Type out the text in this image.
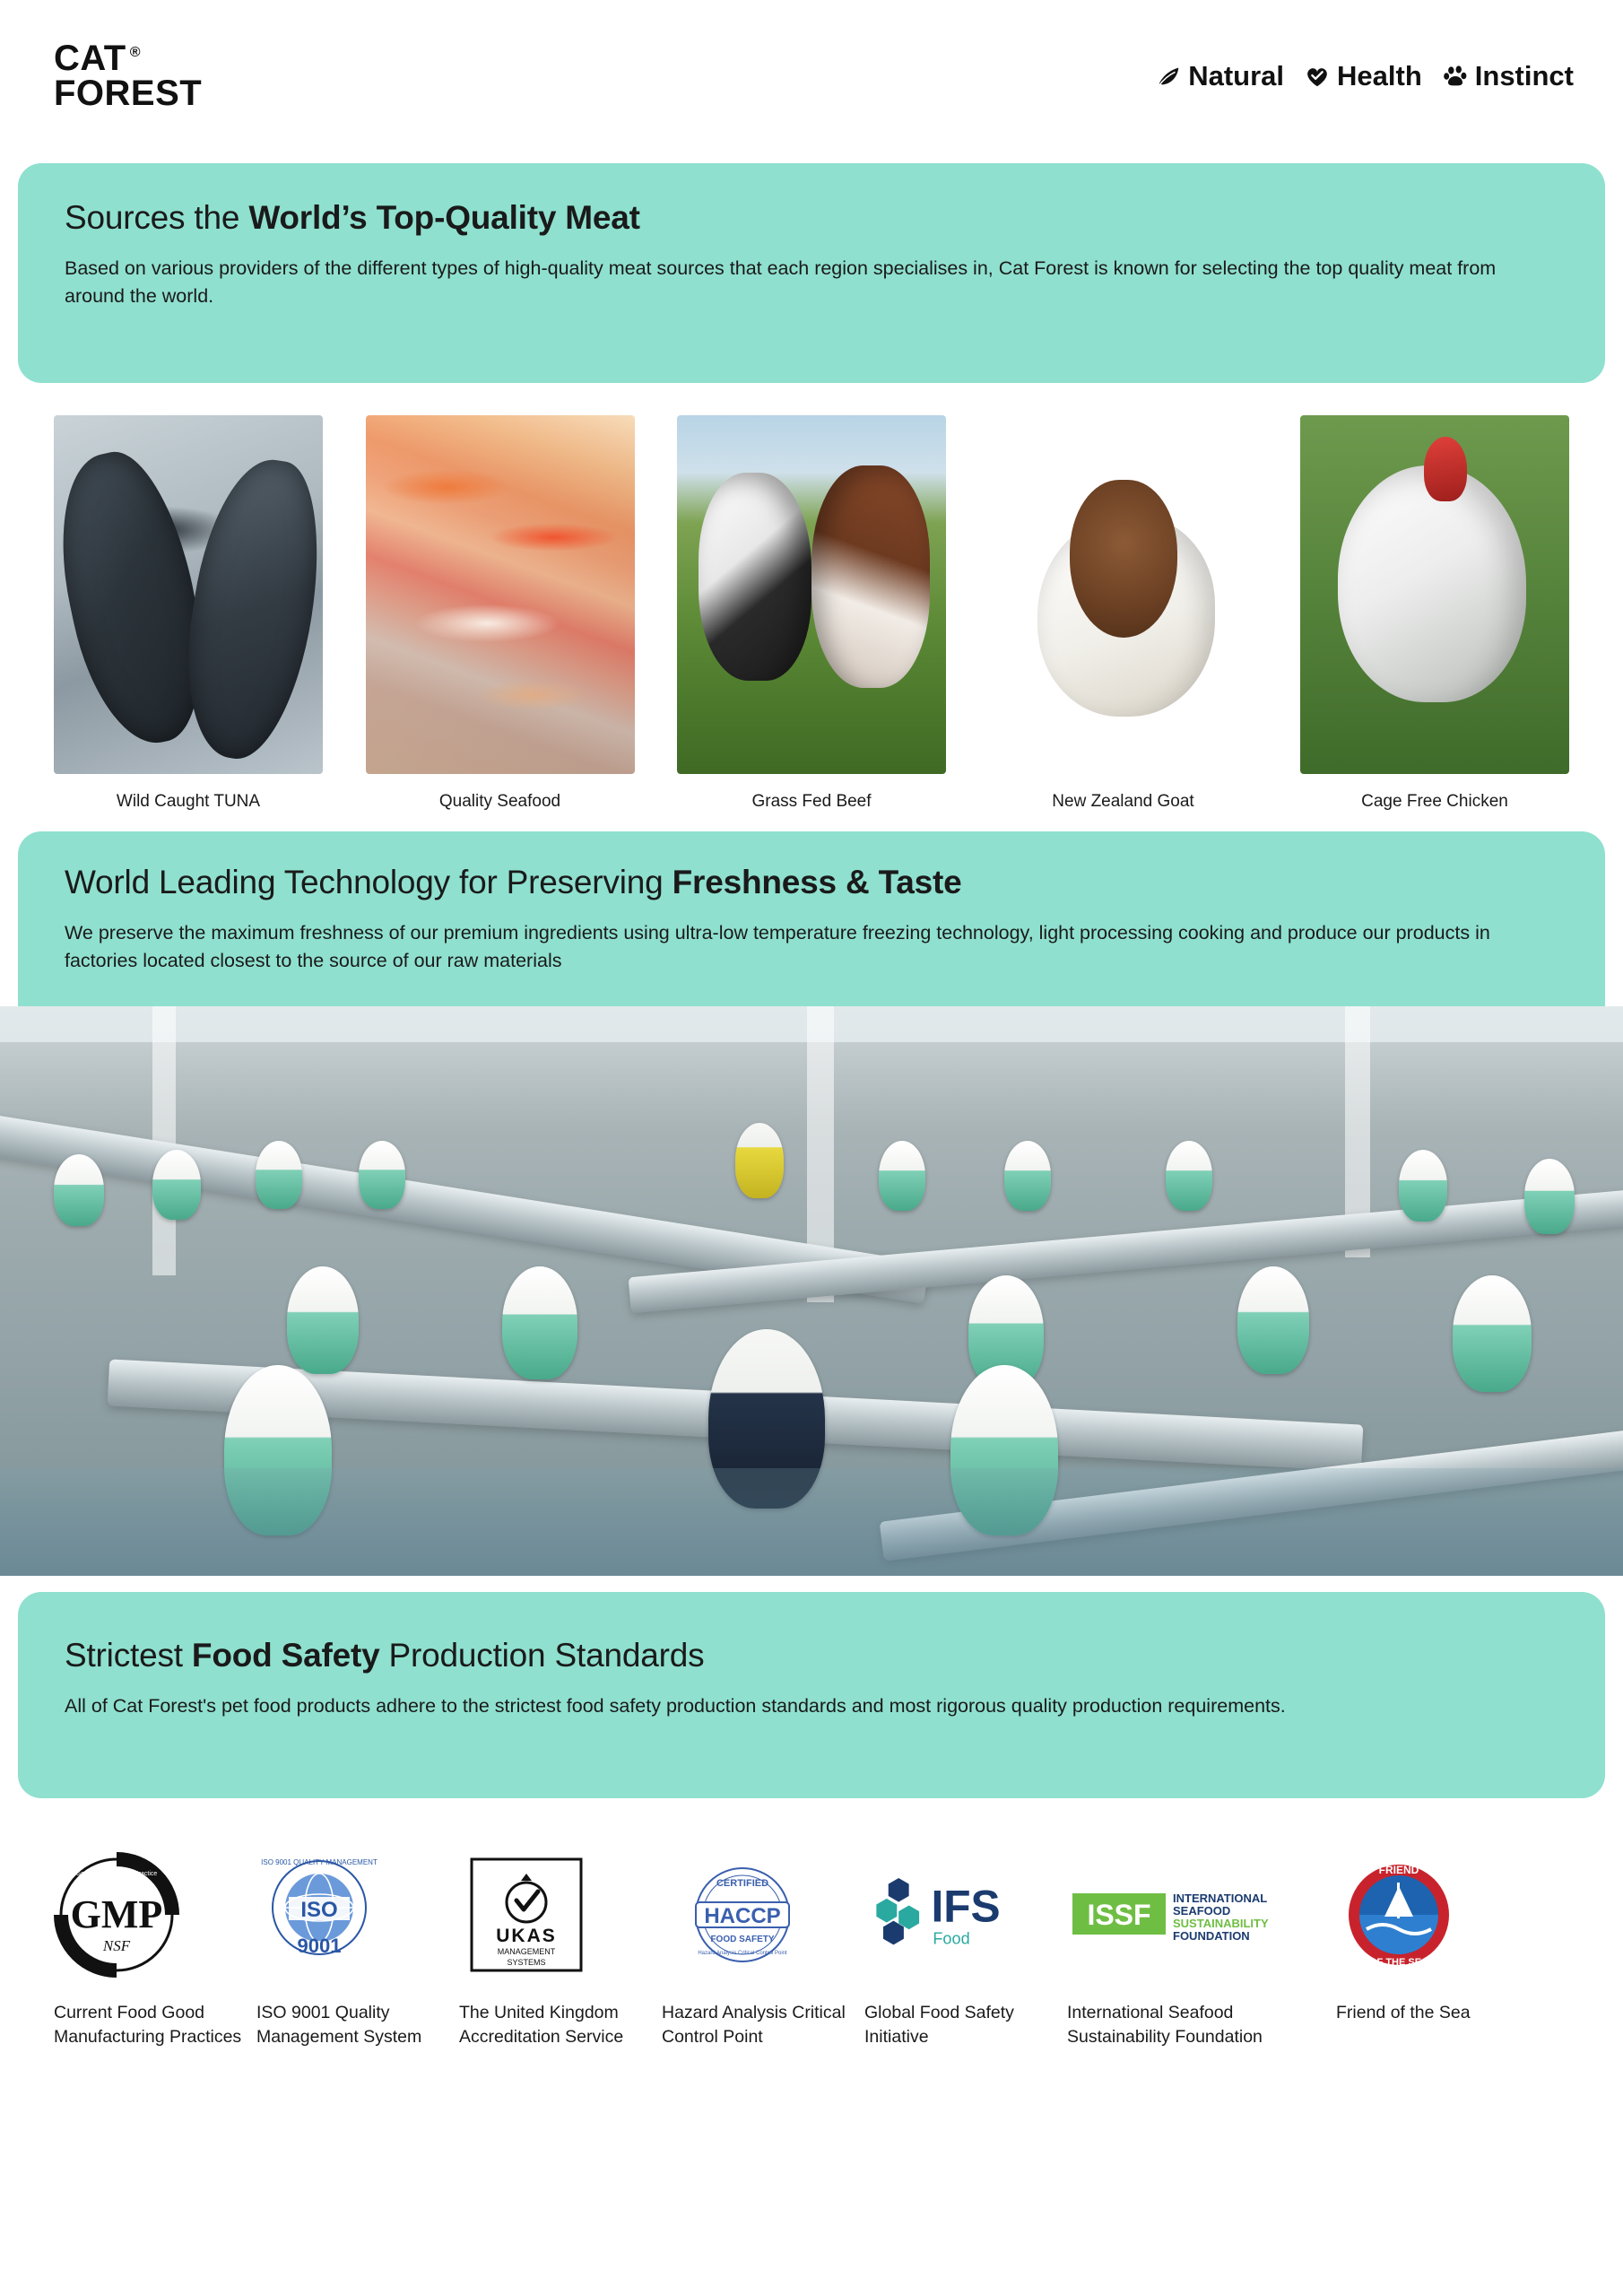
CAT ®
FOREST	Natural Health Instinct
Sources the World’s Top-Quality Meat

Based on various providers of the different types of high-quality meat sources that each region specialises in, Cat Forest is known for selecting the top quality meat from around the world.

Wild Caught TUNA	Quality Seafood	Grass Fed Beef	New Zealand Goat	Cage Free Chicken
World Leading Technology for Preserving Freshness & Taste

We preserve the maximum freshness of our premium ingredients using ultra-low temperature freezing technology, light processing cooking and produce our products in factories located closest to the source of our raw materials

Strictest Food Safety Production Standards

All of Cat Forest's pet food products adhere to the strictest food safety production standards and most rigorous quality production requirements.

GMP
NSF
Good Manufacturing Practice
Current Food Good Manufacturing Practices
ISO
9001
ISO 9001 QUALITY MANAGEMENT
ISO 9001 Quality Management System
UKAS
MANAGEMENT
SYSTEMS
The United Kingdom Accreditation Service
HACCP
CERTIFIED
FOOD SAFETY
Hazard Analysis Critical Control Point
Hazard Analysis Critical Control Point
IFS
Food
Global Food Safety Initiative
ISSF
INTERNATIONAL
SEAFOOD
SUSTAINABILITY
FOUNDATION
International Seafood Sustainability Foundation
FRIEND
OF THE SEA
Friend of the Sea
